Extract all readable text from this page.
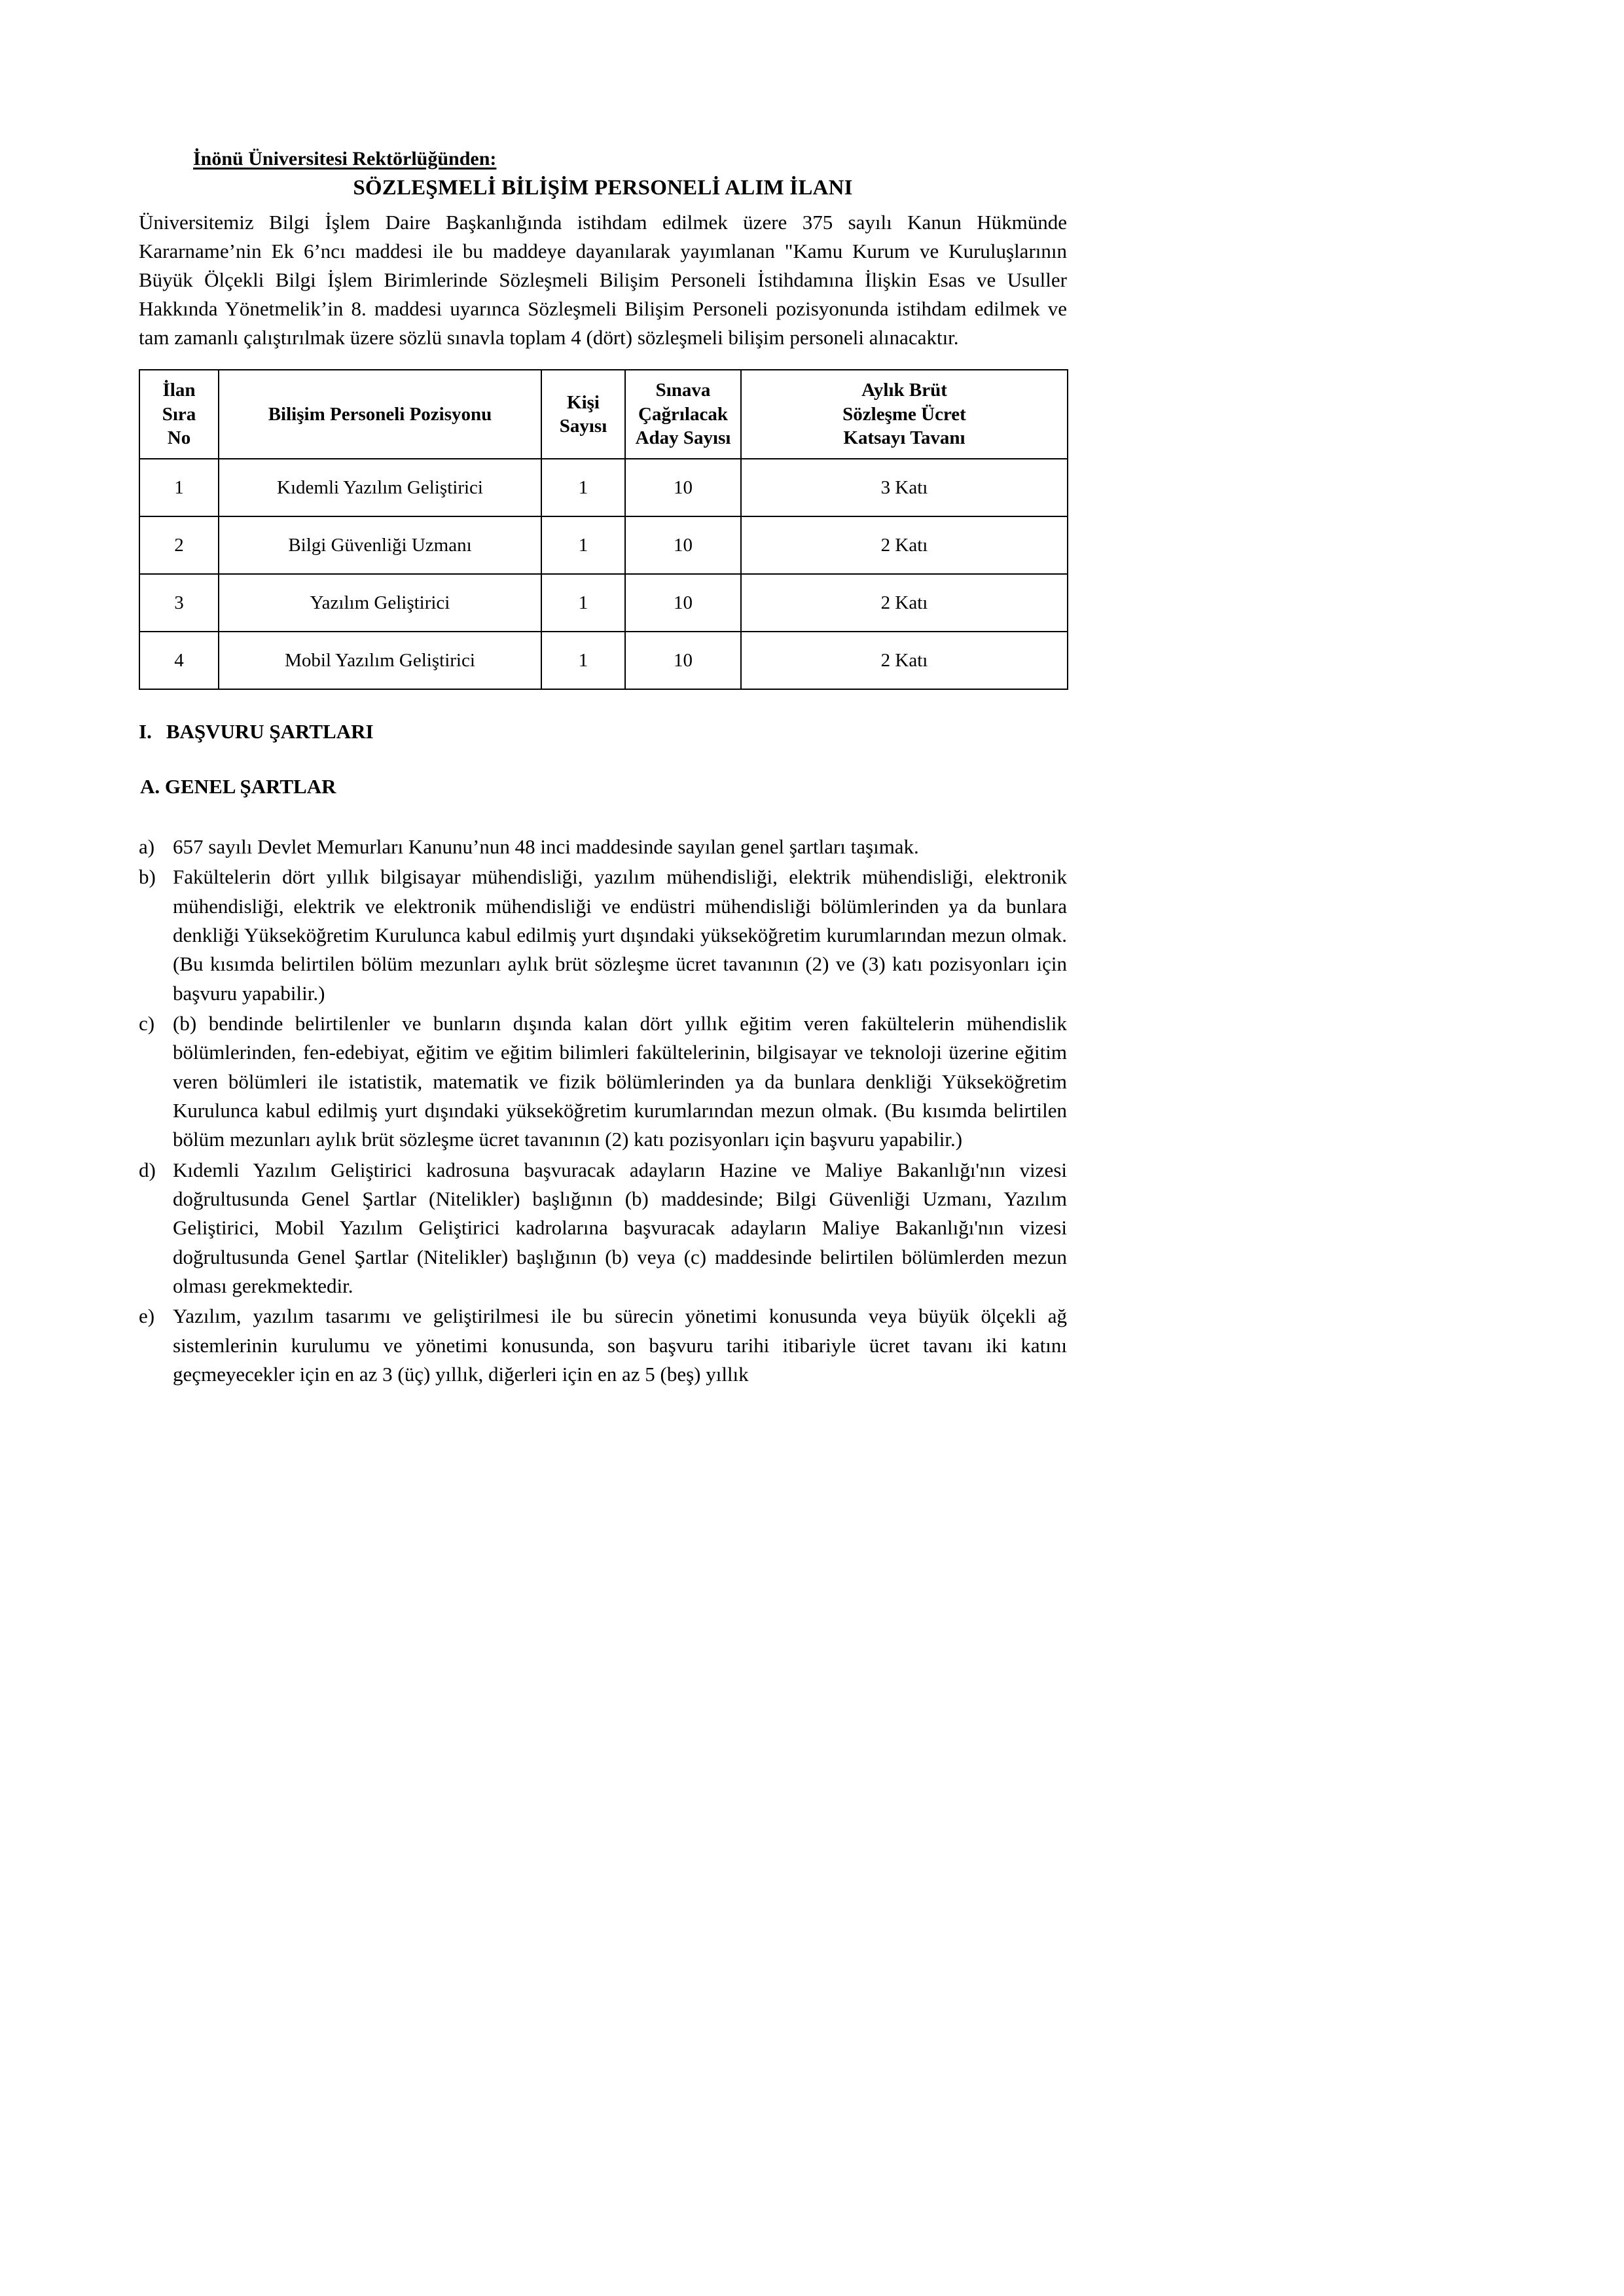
İnönü Üniversitesi Rektörlüğünden:
SÖZLEŞMELİ BİLİŞİM PERSONELİ ALIM İLANI

Üniversitemiz Bilgi İşlem Daire Başkanlığında istihdam edilmek üzere 375 sayılı Kanun Hükmünde Kararname’nin Ek 6’ncı maddesi ile bu maddeye dayanılarak yayımlanan "Kamu Kurum ve Kuruluşlarının Büyük Ölçekli Bilgi İşlem Birimlerinde Sözleşmeli Bilişim Personeli İstihdamına İlişkin Esas ve Usuller Hakkında Yönetmelik’in 8. maddesi uyarınca Sözleşmeli Bilişim Personeli pozisyonunda istihdam edilmek ve tam zamanlı çalıştırılmak üzere sözlü sınavla toplam 4 (dört) sözleşmeli bilişim personeli alınacaktır.

İlan
Sıra
No	Bilişim Personeli Pozisyonu	Kişi
Sayısı	Sınava
Çağrılacak
Aday Sayısı	Aylık Brüt
Sözleşme Ücret
Katsayı Tavanı

1	Kıdemli Yazılım Geliştirici	1	10	3 Katı
2	Bilgi Güvenliği Uzmanı	1	10	2 Katı
3	Yazılım Geliştirici	1	10	2 Katı
4	Mobil Yazılım Geliştirici	1	10	2 Katı
I. BAŞVURU ŞARTLARI
A. GENEL ŞARTLAR
a) 657 sayılı Devlet Memurları Kanunu’nun 48 inci maddesinde sayılan genel şartları taşımak.
b) Fakültelerin dört yıllık bilgisayar mühendisliği, yazılım mühendisliği, elektrik mühendisliği, elektronik mühendisliği, elektrik ve elektronik mühendisliği ve endüstri mühendisliği bölümlerinden ya da bunlara denkliği Yükseköğretim Kurulunca kabul edilmiş yurt dışındaki yükseköğretim kurumlarından mezun olmak. (Bu kısımda belirtilen bölüm mezunları aylık brüt sözleşme ücret tavanının (2) ve (3) katı pozisyonları için başvuru yapabilir.)
c) (b) bendinde belirtilenler ve bunların dışında kalan dört yıllık eğitim veren fakültelerin mühendislik bölümlerinden, fen-edebiyat, eğitim ve eğitim bilimleri fakültelerinin, bilgisayar ve teknoloji üzerine eğitim veren bölümleri ile istatistik, matematik ve fizik bölümlerinden ya da bunlara denkliği Yükseköğretim Kurulunca kabul edilmiş yurt dışındaki yükseköğretim kurumlarından mezun olmak. (Bu kısımda belirtilen bölüm mezunları aylık brüt sözleşme ücret tavanının (2) katı pozisyonları için başvuru yapabilir.)
d) Kıdemli Yazılım Geliştirici kadrosuna başvuracak adayların Hazine ve Maliye Bakanlığı'nın vizesi doğrultusunda Genel Şartlar (Nitelikler) başlığının (b) maddesinde; Bilgi Güvenliği Uzmanı, Yazılım Geliştirici, Mobil Yazılım Geliştirici kadrolarına başvuracak adayların Maliye Bakanlığı'nın vizesi doğrultusunda Genel Şartlar (Nitelikler) başlığının (b) veya (c) maddesinde belirtilen bölümlerden mezun olması gerekmektedir.
e) Yazılım, yazılım tasarımı ve geliştirilmesi ile bu sürecin yönetimi konusunda veya büyük ölçekli ağ sistemlerinin kurulumu ve yönetimi konusunda, son başvuru tarihi itibariyle ücret tavanı iki katını geçmeyecekler için en az 3 (üç) yıllık, diğerleri için en az 5 (beş) yıllık
